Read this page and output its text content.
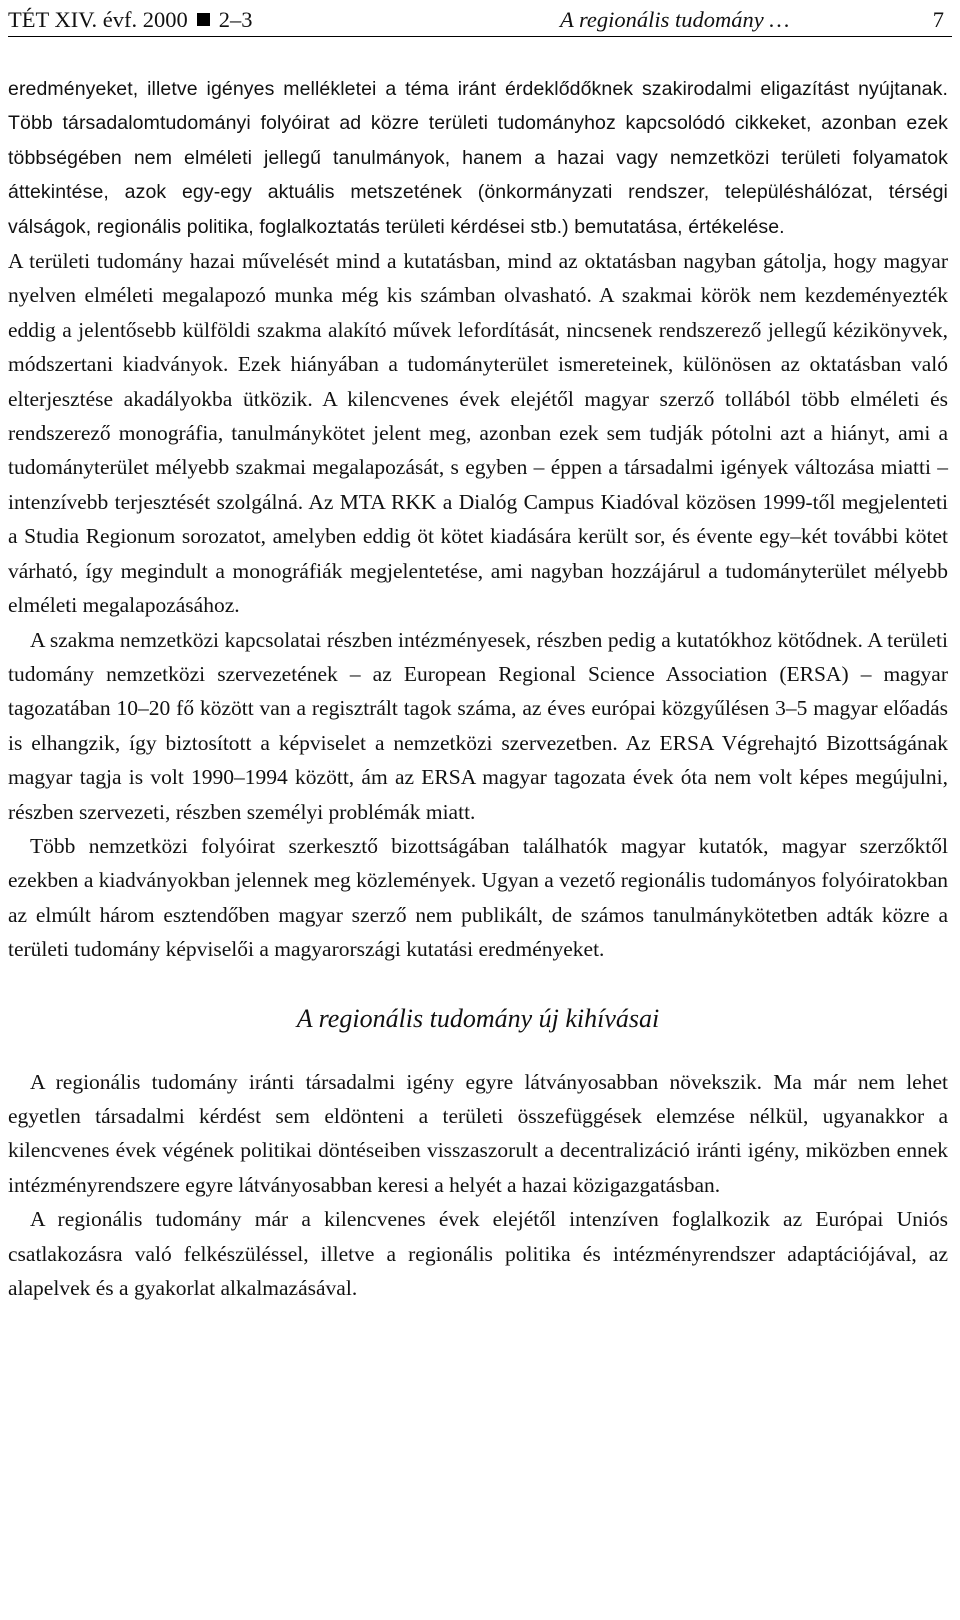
TÉT XIV. évf. 2000 2–3	A regionális tudomány …	7

eredményeket, illetve igényes mellékletei a téma iránt érdeklődőknek szakirodalmi eligazítást nyújtanak. Több társadalomtudományi folyóirat ad közre területi tudományhoz kapcsolódó cikkeket, azonban ezek többségében nem elméleti jellegű tanulmányok, hanem a hazai vagy nemzetközi területi folyamatok áttekintése, azok egy-egy aktuális metszetének (önkormányzati rendszer, településhálózat, térségi válságok, regionális politika, foglalkoztatás területi kérdései stb.) bemutatása, értékelése.

A területi tudomány hazai művelését mind a kutatásban, mind az oktatásban nagyban gátolja, hogy magyar nyelven elméleti megalapozó munka még kis számban olvasható. A szakmai körök nem kezdeményezték eddig a jelentősebb külföldi szakma alakító művek lefordítását, nincsenek rendszerező jellegű kézikönyvek, módszertani kiadványok. Ezek hiányában a tudományterület ismereteinek, különösen az oktatásban való elterjesztése akadályokba ütközik. A kilencvenes évek elejétől magyar szerző tollából több elméleti és rendszerező monográfia, tanulmánykötet jelent meg, azonban ezek sem tudják pótolni azt a hiányt, ami a tudományterület mélyebb szakmai megalapozását, s egyben – éppen a társadalmi igények változása miatti – intenzívebb terjesztését szolgálná. Az MTA RKK a Dialóg Campus Kiadóval közösen 1999-től megjelenteti a Studia Regionum sorozatot, amelyben eddig öt kötet kiadására került sor, és évente egy–két további kötet várható, így megindult a monográfiák megjelentetése, ami nagyban hozzájárul a tudományterület mélyebb elméleti megalapozásához.

A szakma nemzetközi kapcsolatai részben intézményesek, részben pedig a kutatókhoz kötődnek. A területi tudomány nemzetközi szervezetének – az European Regional Science Association (ERSA) – magyar tagozatában 10–20 fő között van a regisztrált tagok száma, az éves európai közgyűlésen 3–5 magyar előadás is elhangzik, így biztosított a képviselet a nemzetközi szervezetben. Az ERSA Végrehajtó Bizottságának magyar tagja is volt 1990–1994 között, ám az ERSA magyar tagozata évek óta nem volt képes megújulni, részben szervezeti, részben személyi problémák miatt.

Több nemzetközi folyóirat szerkesztő bizottságában találhatók magyar kutatók, magyar szerzőktől ezekben a kiadványokban jelennek meg közlemények. Ugyan a vezető regionális tudományos folyóiratokban az elmúlt három esztendőben magyar szerző nem publikált, de számos tanulmánykötetben adták közre a területi tudomány képviselői a magyarországi kutatási eredményeket.

A regionális tudomány új kihívásai

A regionális tudomány iránti társadalmi igény egyre látványosabban növekszik. Ma már nem lehet egyetlen társadalmi kérdést sem eldönteni a területi összefüggések elemzése nélkül, ugyanakkor a kilencvenes évek végének politikai döntéseiben visszaszorult a decentralizáció iránti igény, miközben ennek intézményrendszere egyre látványosabban keresi a helyét a hazai közigazgatásban.

A regionális tudomány már a kilencvenes évek elejétől intenzíven foglalkozik az Európai Uniós csatlakozásra való felkészüléssel, illetve a regionális politika és intézményrendszer adaptációjával, az alapelvek és a gyakorlat alkalmazásával.
